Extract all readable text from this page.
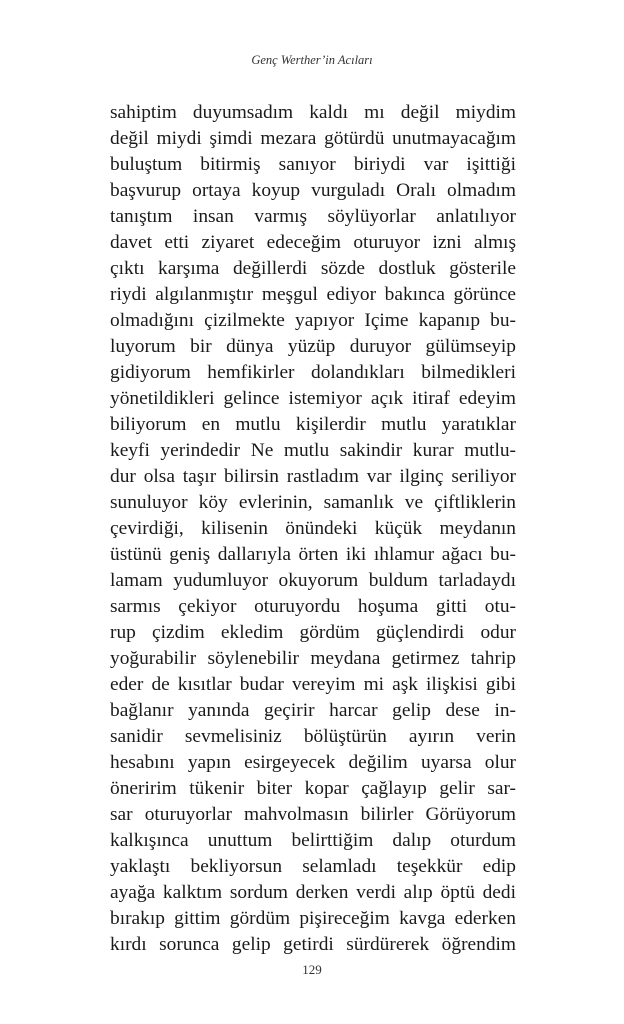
Genç Werther’in Acıları
sahiptim duyumsadım kaldı mı değil miydim
değil miydi şimdi mezara götürdü unutmayacağım
buluştum bitirmiş sanıyor biriydi var işittiği
başvurup ortaya koyup vurguladı Oralı olmadım
tanıştım insan varmış söylüyorlar anlatılıyor
davet etti ziyaret edeceğim oturuyor izni almış
çıktı karşıma değillerdi sözde dostluk gösterile
riydi algılanmıştır meşgul ediyor bakınca görünce
olmadığını çizilmekte yapıyor Içime kapanıp bu-
luyorum bir dünya yüzüp duruyor gülümseyip
gidiyorum hemfikirler dolandıkları bilmedikleri
yönetildikleri gelince istemiyor açık itiraf edeyim
biliyorum en mutlu kişilerdir mutlu yaratıklar
keyfi yerindedir Ne mutlu sakindir kurar mutlu-
dur olsa taşır bilirsin rastladım var ilginç seriliyor
sunuluyor köy evlerinin, samanlık ve çiftliklerin
çevirdiği, kilisenin önündeki küçük meydanın
üstünü geniş dallarıyla örten iki ıhlamur ağacı bu-
lamam yudumluyor okuyorum buldum tarladaydı
sarmıs çekiyor oturuyordu hoşuma gitti otu-
rup çizdim ekledim gördüm güçlendirdi odur
yoğurabilir söylenebilir meydana getirmez tahrip
eder de kısıtlar budar vereyim mi aşk ilişkisi gibi
bağlanır yanında geçirir harcar gelip dese in-
sanidir sevmelisiniz bölüştürün ayırın verin
hesabını yapın esirgeyecek değilim uyarsa olur
öneririm tükenir biter kopar çağlayıp gelir sar-
sar oturuyorlar mahvolmasın bilirler Görüyorum
kalkışınca unuttum belirttiğim dalıp oturdum
yaklaştı bekliyorsun selamladı teşekkür edip
ayağa kalktım sordum derken verdi alıp öptü dedi
bırakıp gittim gördüm pişireceğim kavga ederken
kırdı sorunca gelip getirdi sürdürerek öğrendim
129
